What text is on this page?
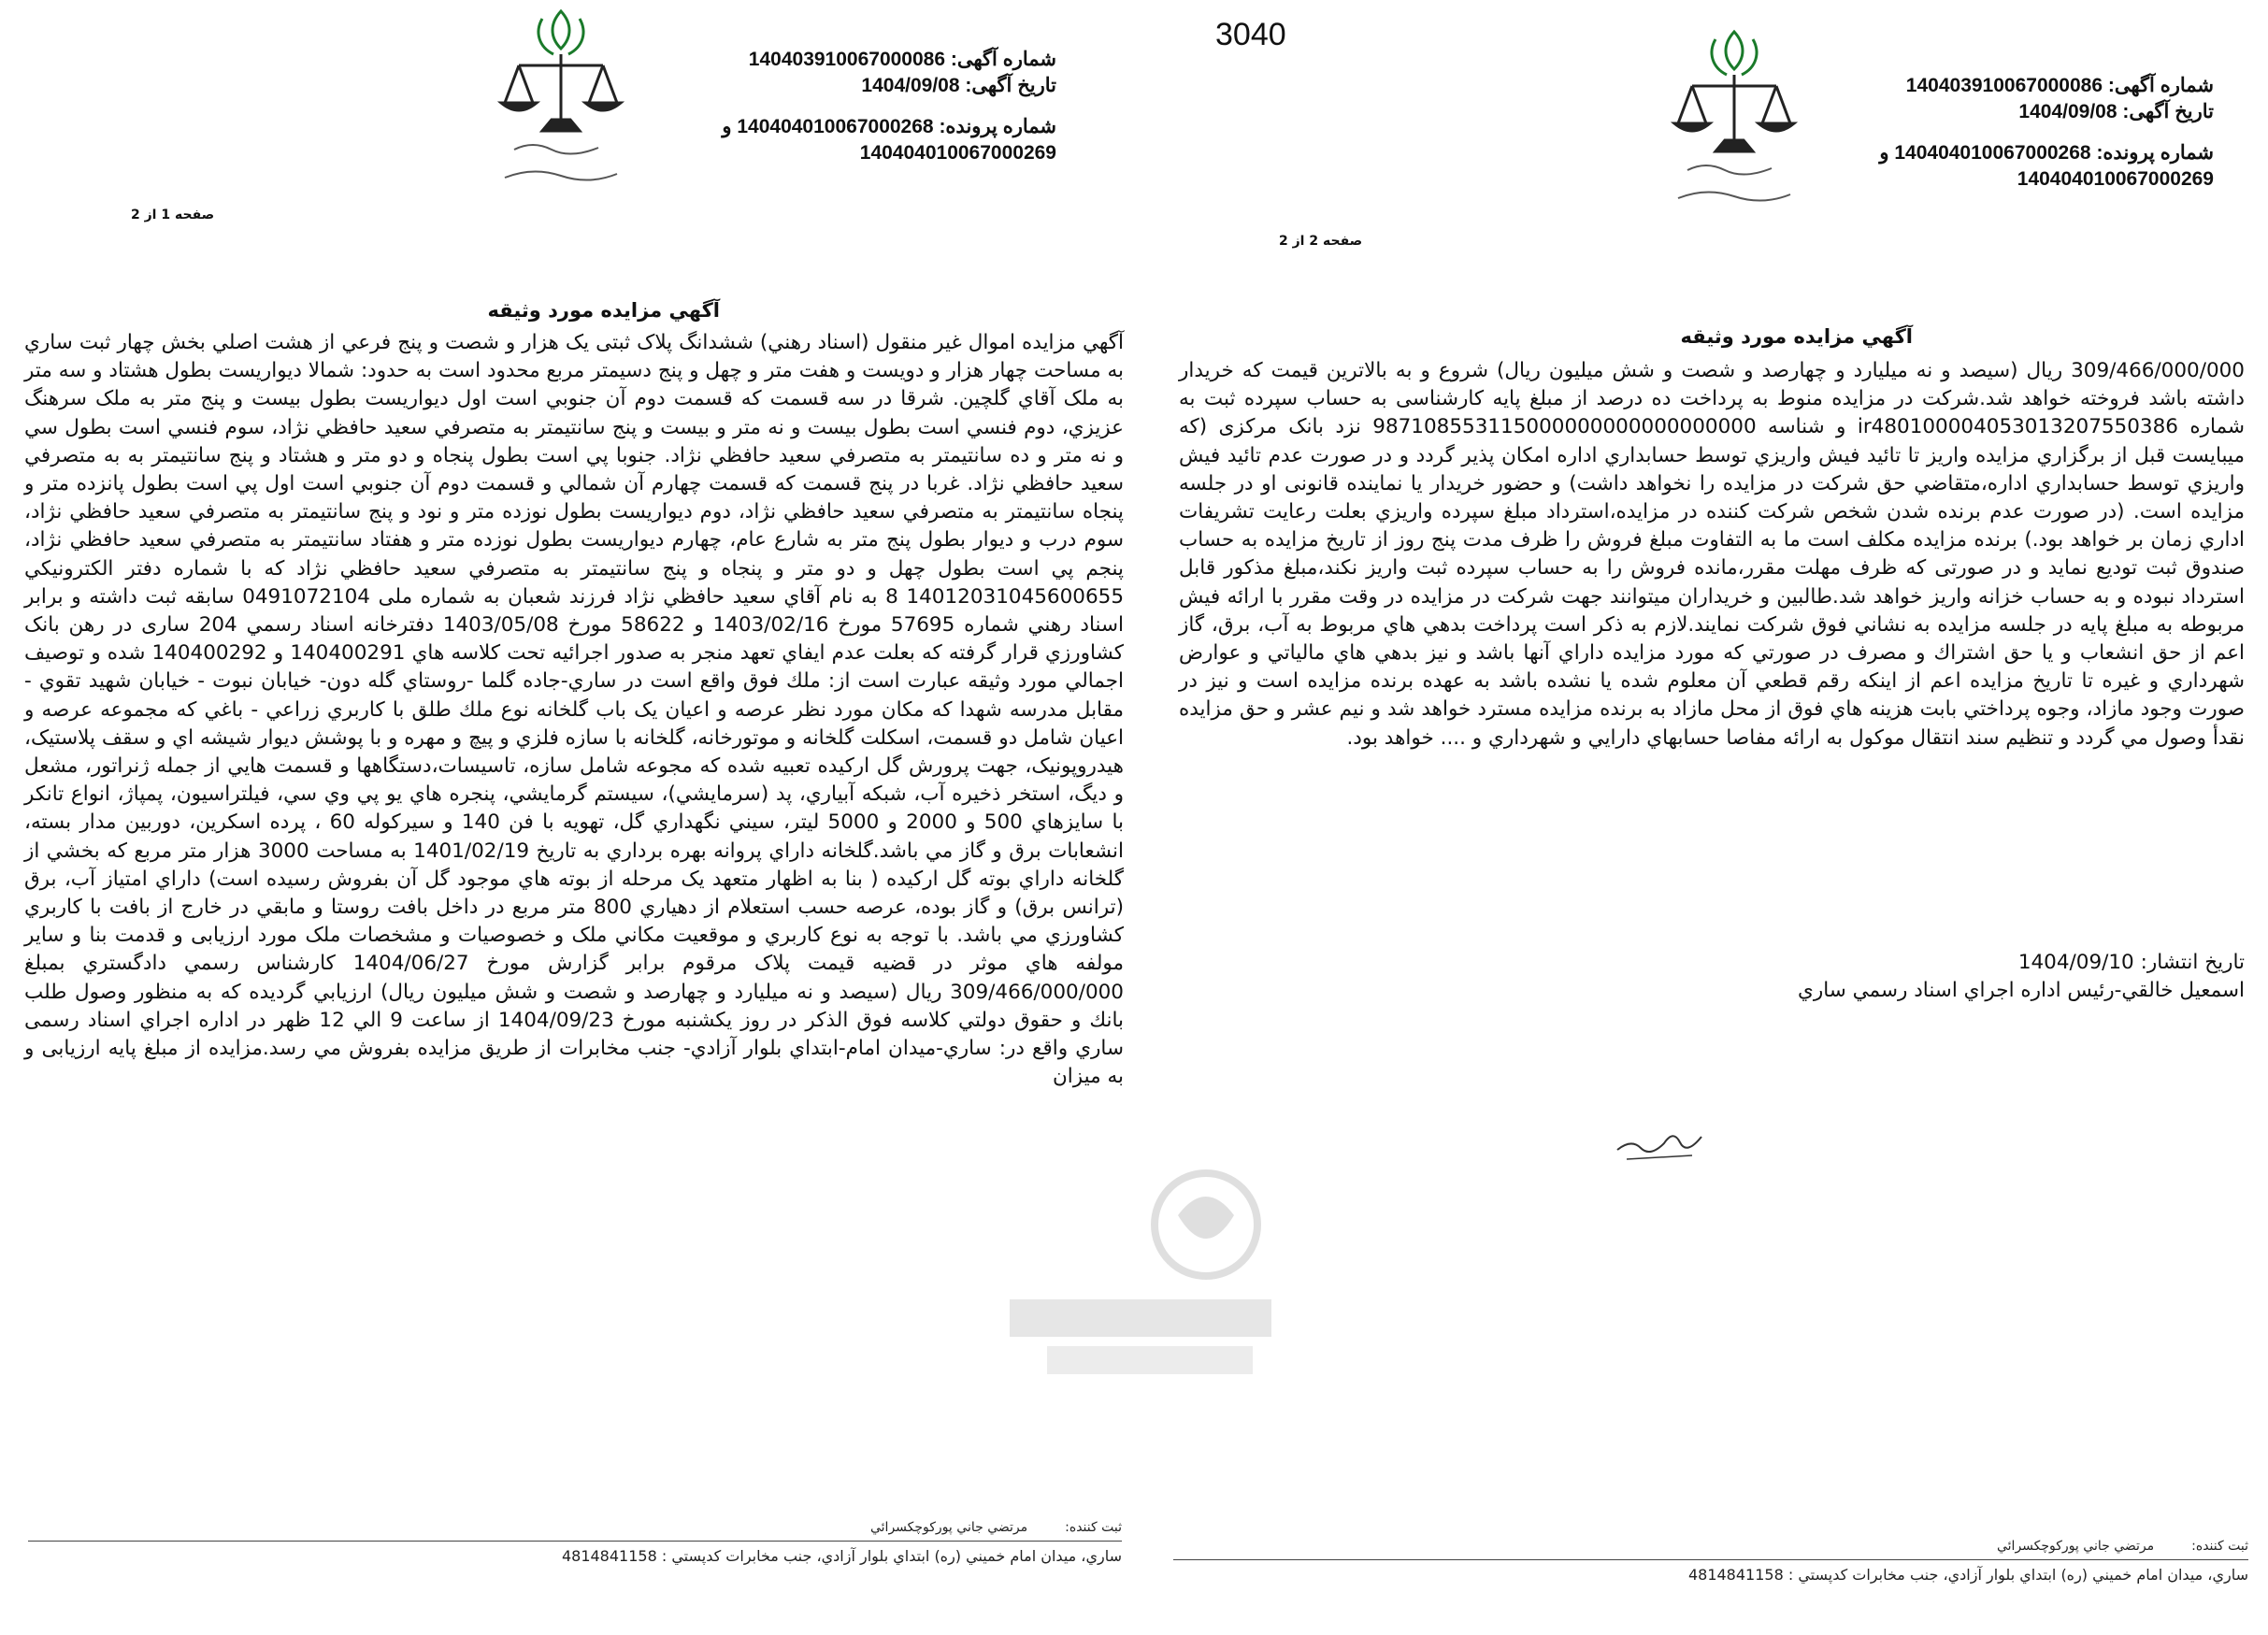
3040
شماره آگهی: 140403910067000086
تاریخ آگهی: 1404/09/08
شماره پرونده: 140404010067000268 و
140404010067000269
صفحه 1 از 2
آگهي مزايده مورد وثيقه

آگهي مزايده اموال غير منقول (اسناد رهني) ششدانگ پلاک ثبتی يک هزار و شصت و پنج فرعي از هشت اصلي بخش چهار ثبت ساري به مساحت چهار هزار و دويست و هفت متر و چهل و پنج دسيمتر مربع محدود است به حدود: شمالا ديواريست بطول هشتاد و سه متر به ملک آقاي گلچين. شرقا در سه قسمت که قسمت دوم آن جنوبي است اول ديواريست بطول بيست و پنج متر به ملک سرهنگ عزيزي، دوم فنسي است بطول بيست و نه متر و بيست و پنج سانتيمتر به متصرفي سعيد حافظي نژاد، سوم فنسي است بطول سي و نه متر و ده سانتيمتر به متصرفي سعيد حافظي نژاد. جنوبا پي است بطول پنجاه و دو متر و هشتاد و پنج سانتيمتر به به متصرفي سعيد حافظي نژاد. غربا در پنج قسمت که قسمت چهارم آن شمالي و قسمت دوم آن جنوبي است اول پي است بطول پانزده متر و پنجاه سانتيمتر به متصرفي سعيد حافظي نژاد، دوم ديواريست بطول نوزده متر و نود و پنج سانتيمتر به متصرفي سعيد حافظي نژاد، سوم درب و ديوار بطول پنج متر به شارع عام، چهارم ديواريست بطول نوزده متر و هفتاد سانتيمتر به متصرفي سعيد حافظي نژاد، پنجم پي است بطول چهل و دو متر و پنجاه و پنج سانتيمتر به متصرفي سعيد حافظي نژاد که با شماره دفتر الکترونيکي 14012031045600655 8 به نام آقاي سعيد حافظي نژاد فرزند شعبان به شماره ملی 0491072104 سابقه ثبت داشته و برابر اسناد رهني شماره 57695 مورخ 1403/02/16 و 58622 مورخ 1403/05/08 دفترخانه اسناد رسمي 204 ساری در رهن بانک کشاورزي قرار گرفته که بعلت عدم ايفاي تعهد منجر به صدور اجرائيه تحت کلاسه هاي 140400291 و 140400292 شده و توصيف اجمالي مورد وثيقه عبارت است از: ملك فوق واقع است در ساري-جاده گلما -روستاي گله دون- خيابان نبوت - خيابان شهيد تقوي - مقابل مدرسه شهدا که مکان مورد نظر عرصه و اعيان يک باب گلخانه نوع ملك طلق با كاربري زراعي - باغي كه مجموعه عرصه و اعيان شامل دو قسمت، اسکلت گلخانه و موتورخانه، گلخانه با سازه فلزي و پيچ و مهره و با پوشش ديوار شيشه اي و سقف پلاستيک، هيدروپونيک، جهت پرورش گل اركيده تعبيه شده كه مجوعه شامل سازه، تاسيسات،دستگاهها و قسمت هايي از جمله ژنراتور، مشعل و ديگ، استخر ذخيره آب، شبکه آبياري، پد (سرمايشي)، سيستم گرمايشي، پنجره هاي يو پي وي سي، فيلتراسيون، پمپاژ، انواع تانكر با سايزهاي 500 و 2000 و 5000 ليتر، سيني نگهداري گل، تهويه با فن 140 و سيركوله 60 ، پرده اسكرين، دوربين مدار بسته، انشعابات برق و گاز مي باشد.گلخانه داراي پروانه بهره برداري به تاريخ 1401/02/19 به مساحت 3000 هزار متر مربع كه بخشي از گلخانه داراي بوته گل اركيده ( بنا به اظهار متعهد يک مرحله از بوته هاي موجود گل آن بفروش رسيده است) داراي امتياز آب، برق (ترانس برق) و گاز بوده، عرصه حسب استعلام از دهياري 800 متر مربع در داخل بافت روستا و مابقي در خارج از بافت با کاربري کشاورزي مي باشد. با توجه به نوع کاربري و موقعيت مکاني ملک و خصوصيات و مشخصات ملک مورد ارزيابی و قدمت بنا و ساير مولفه هاي موثر در قضيه قيمت پلاک مرقوم برابر گزارش مورخ 1404/06/27 کارشناس رسمي دادگستري بمبلغ 309/466/000/000 ريال (سيصد و نه ميليارد و چهارصد و شصت و شش ميليون ريال) ارزيابي گرديده كه به منظور وصول طلب بانك و حقوق دولتي كلاسه فوق الذكر در روز يکشنبه مورخ 1404/09/23 از ساعت 9 الي 12 ظهر در اداره اجراي اسناد رسمی ساري واقع در: ساري-ميدان امام-ابتداي بلوار آزادي- جنب مخابرات از طريق مزايده بفروش مي رسد.مزايده از مبلغ پايه ارزيابی و به ميزان

ثبت کننده:
مرتضي جاني پوركوچكسرائي
ساري، ميدان امام خميني (ره) ابتداي بلوار آزادي، جنب مخابرات كدپستي : 4814841158
شماره آگهی: 140403910067000086
تاریخ آگهی: 1404/09/08
شماره پرونده: 140404010067000268 و
140404010067000269
صفحه 2 از 2
آگهي مزايده مورد وثيقه

309/466/000/000 ريال (سيصد و نه ميليارد و چهارصد و شصت و شش ميليون ريال) شروع و به بالاترين قيمت كه خريدار داشته باشد فروخته خواهد شد.شرکت در مزايده منوط به پرداخت ده درصد از مبلغ پايه کارشناسی به حساب سپرده ثبت به شماره ir480100004053013207550386 و شناسه 987108553115000000000000000000 نزد بانک مرکزی (که ميبايست قبل از برگزاري مزايده واريز تا تائيد فيش واريزي توسط حسابداري اداره امکان پذير گردد و در صورت عدم تائيد فيش واريزي توسط حسابداري اداره،متقاضي حق شركت در مزايده را نخواهد داشت) و حضور خريدار يا نماينده قانونی او در جلسه مزايده است. (در صورت عدم برنده شدن شخص شرکت کننده در مزايده،استرداد مبلغ سپرده واريزي بعلت رعايت تشريفات اداري زمان بر خواهد بود.) برنده مزايده مکلف است ما به التفاوت مبلغ فروش را ظرف مدت پنج روز از تاريخ مزايده به حساب صندوق ثبت توديع نمايد و در صورتی كه ظرف مهلت مقرر،مانده فروش را به حساب سپرده ثبت واريز نکند،مبلغ مذکور قابل استرداد نبوده و به حساب خزانه واريز خواهد شد.طالبين و خريداران ميتوانند جهت شرکت در مزايده در وقت مقرر با ارائه فيش مربوطه به مبلغ پايه در جلسه مزايده به نشاني فوق شركت نمايند.لازم به ذكر است پرداخت بدهي هاي مربوط به آب، برق، گاز اعم از حق انشعاب و يا حق اشتراك و مصرف در صورتي كه مورد مزايده داراي آنها باشد و نيز بدهي هاي مالياتي و عوارض شهرداري و غيره تا تاريخ مزايده اعم از اينکه رقم قطعي آن معلوم شده يا نشده باشد به عهده برنده مزايده است و نيز در صورت وجود مازاد، وجوه پرداختي بابت هزينه هاي فوق از محل مازاد به برنده مزايده مسترد خواهد شد و نيم عشر و حق مزايده نقدأ وصول مي گردد و تنظيم سند انتقال موکول به ارائه مفاصا حسابهاي دارايي و شهرداري و .... خواهد بود.

تاريخ انتشار: 1404/09/10

اسمعيل خالقي-رئيس اداره اجراي اسناد رسمي ساري

ثبت کننده:
مرتضي جاني پوركوچكسرائي
ساري، ميدان امام خميني (ره) ابتداي بلوار آزادي، جنب مخابرات كدپستي : 4814841158
